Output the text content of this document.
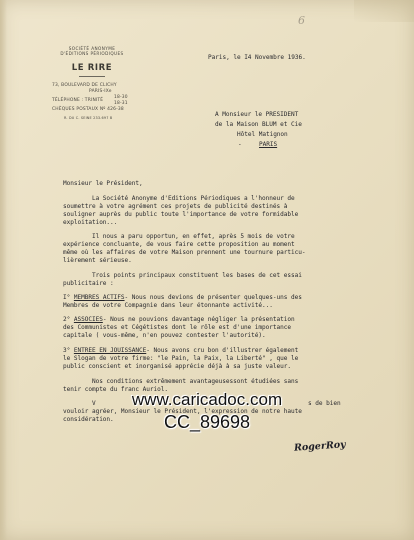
6
SOCIÉTÉ ANONYME
D'ÉDITIONS PÉRIODIQUES
LE RIRE
73, BOULEVARD DE CLICHY
PARIS-IXe
TÉLÉPHONE : TRINITÉ
18-30
18-31
CHÈQUES POSTAUX Nº 426-38
R. DU C. SEINE 233.697 B
Paris, le I4 Novembre 1936.
A Monsieur le PRESIDENT
de la Maison BLUM et Cie
Hôtel Matignon
-	PARIS
Monsieur le Président,
La Société Anonyme d'Editions Périodiques a l'honneur de
soumettre à votre agrément ces projets de publicité destinés à
souligner auprès du public toute l'importance de votre formidable
exploitation...
Il nous a paru opportun, en effet, après 5 mois de votre
expérience concluante, de vous faire cette proposition au moment
même où les affaires de votre Maison prennent une tournure particu-
lièrement sérieuse.
Trois points principaux constituent les bases de cet essai
publicitaire :
I° MEMBRES ACTIFS- Nous nous devions de présenter quelques-uns des
Membres de votre Compagnie dans leur étonnante activité...
2° ASSOCIES- Nous ne pouvions davantage négliger la présentation
des Communistes et Cégétistes dont le rôle est d'une importance
capitale ( vous-même, n'en pouvez contester l'autorité).
3° ENTREE EN JOUISSANCE- Nous avons cru bon d'illustrer également
le Slogan de votre firme: "le Pain, la Paix, la Liberté" , que le
public conscient et inorganisé apprécie déjà à sa juste valeur.
Nos conditions extrêmement avantageusessont étudiées sans
tenir compte du franc Auriol.
V	s de bien
vouloir agréer, Monsieur le Président, l'expression de notre haute
considération.
www.caricadoc.com
CC_89698
RogerRoy
